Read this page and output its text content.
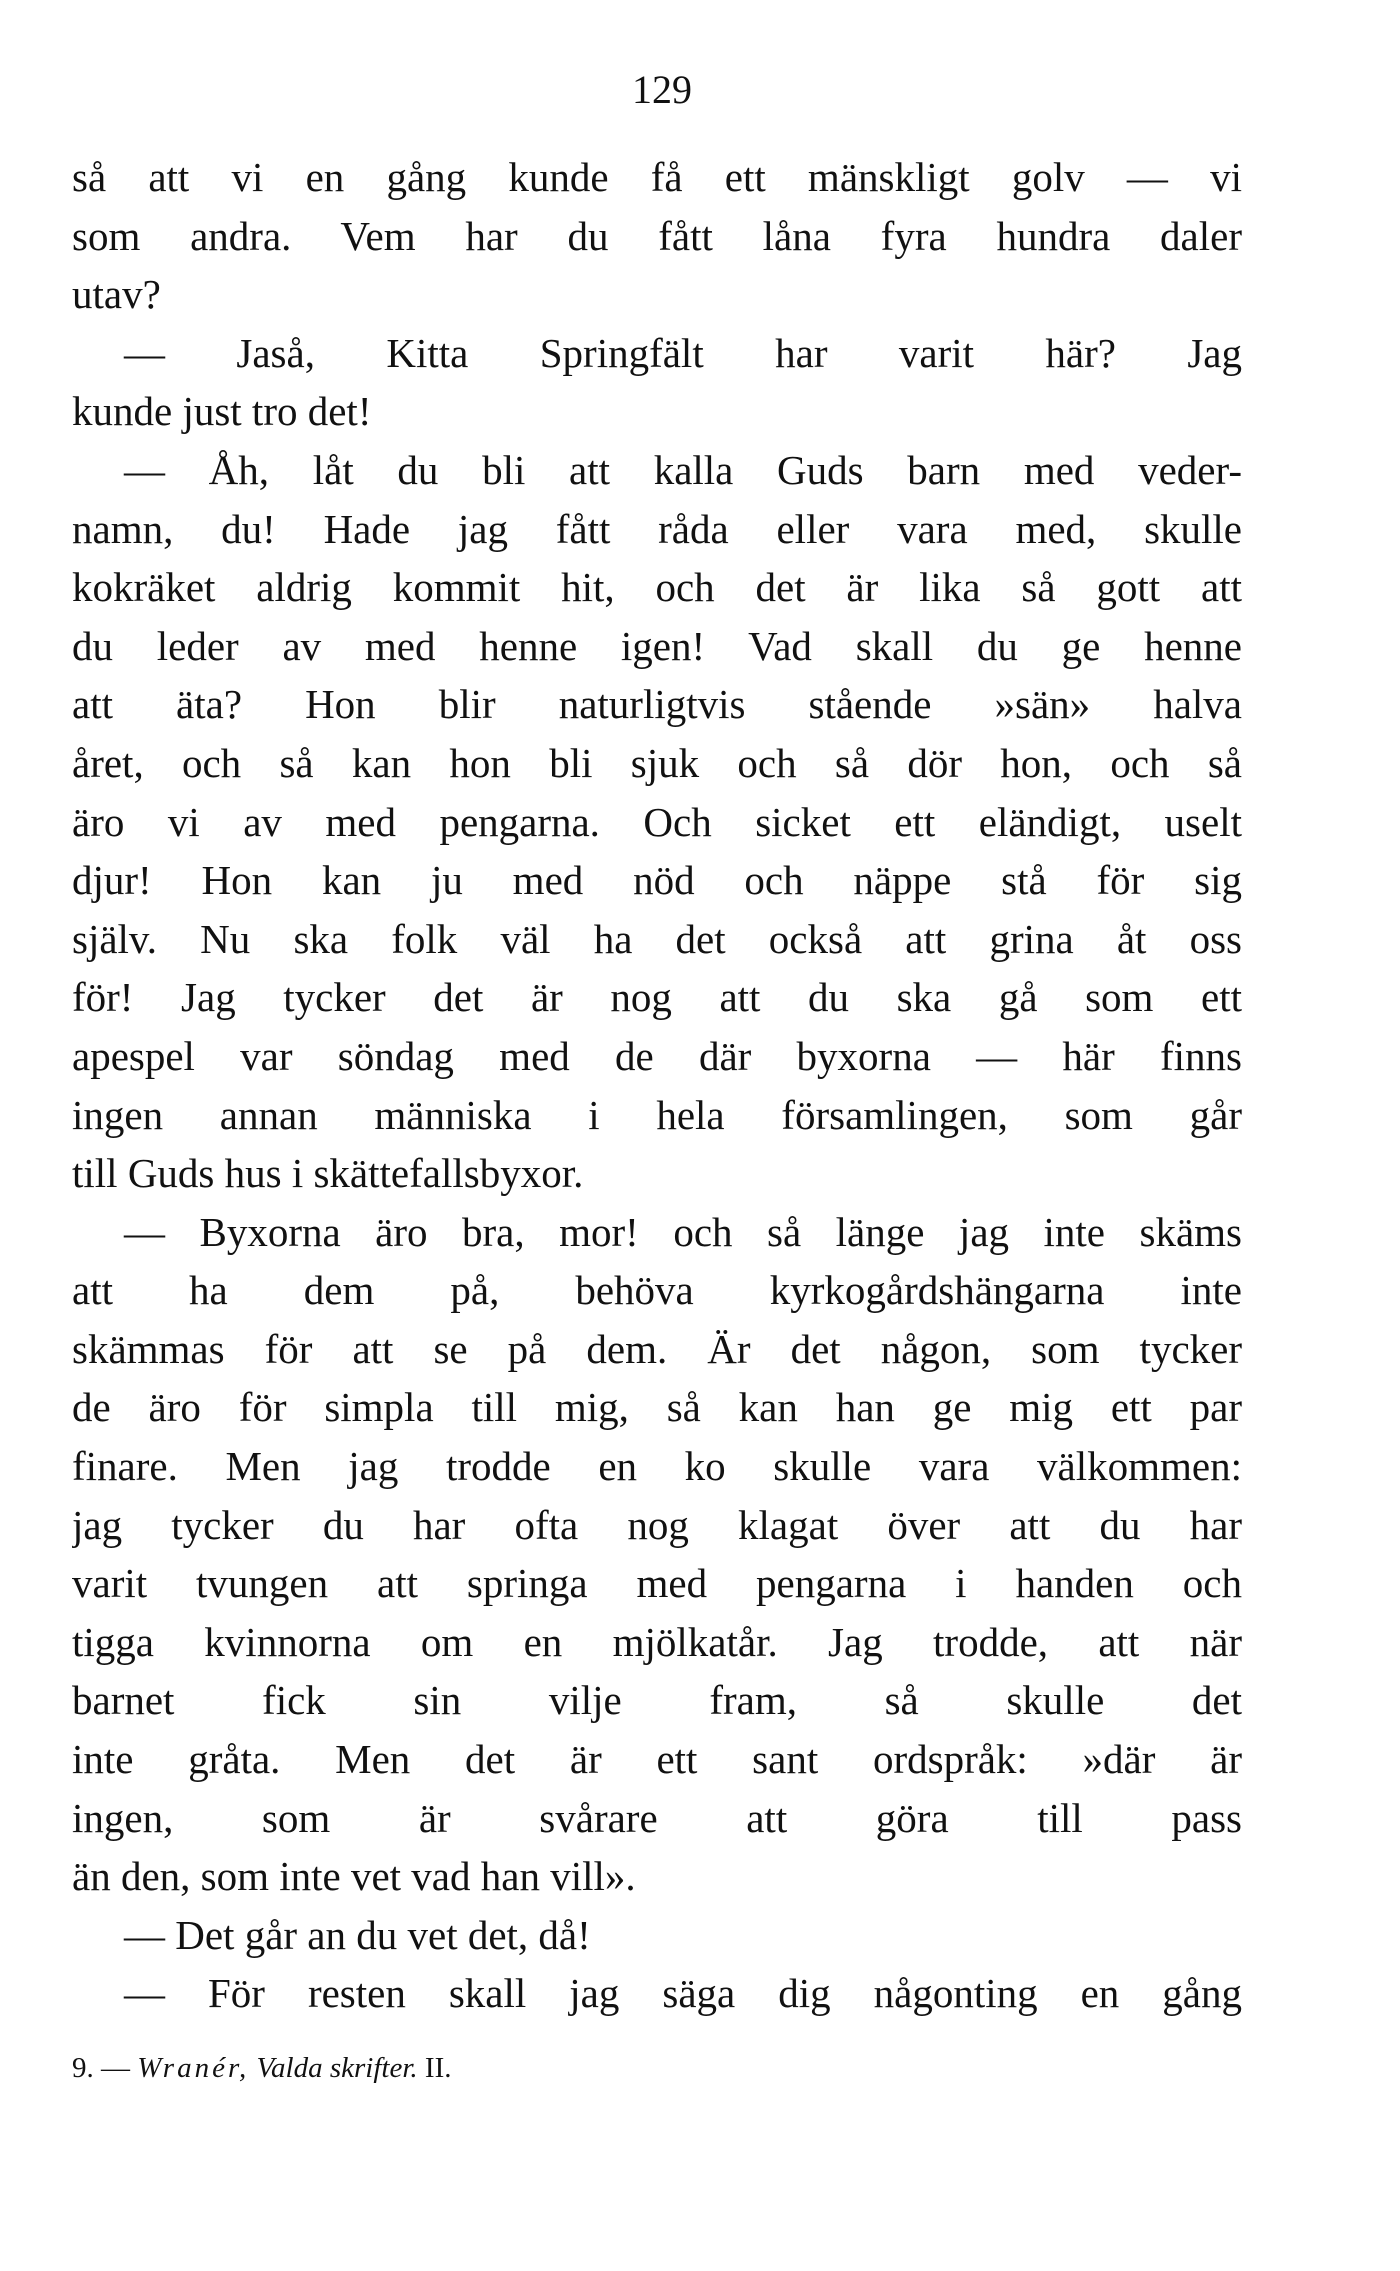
129
så att vi en gång kunde få ett mänskligt golv — vi
som andra. Vem har du fått låna fyra hundra daler
utav?
— Jaså, Kitta Springfält har varit här? Jag
kunde just tro det!
— Åh, låt du bli att kalla Guds barn med veder-
namn, du! Hade jag fått råda eller vara med, skulle
kokräket aldrig kommit hit, och det är lika så gott att
du leder av med henne igen! Vad skall du ge henne
att äta? Hon blir naturligtvis stående »sän» halva
året, och så kan hon bli sjuk och så dör hon, och så
äro vi av med pengarna. Och sicket ett eländigt, uselt
djur! Hon kan ju med nöd och näppe stå för sig
själv. Nu ska folk väl ha det också att grina åt oss
för! Jag tycker det är nog att du ska gå som ett
apespel var söndag med de där byxorna — här finns
ingen annan människa i hela församlingen, som går
till Guds hus i skättefallsbyxor.
— Byxorna äro bra, mor! och så länge jag inte skäms
att ha dem på, behöva kyrkogårdshängarna inte
skämmas för att se på dem. Är det någon, som tycker
de äro för simpla till mig, så kan han ge mig ett par
finare. Men jag trodde en ko skulle vara välkommen:
jag tycker du har ofta nog klagat över att du har
varit tvungen att springa med pengarna i handen och
tigga kvinnorna om en mjölkatår. Jag trodde, att när
barnet fick sin vilje fram, så skulle det
inte gråta. Men det är ett sant ordspråk: »där är
ingen, som är svårare att göra till pass
än den, som inte vet vad han vill».
— Det går an du vet det, då!
— För resten skall jag säga dig någonting en gång
9. — Wranér, Valda skrifter. II.
